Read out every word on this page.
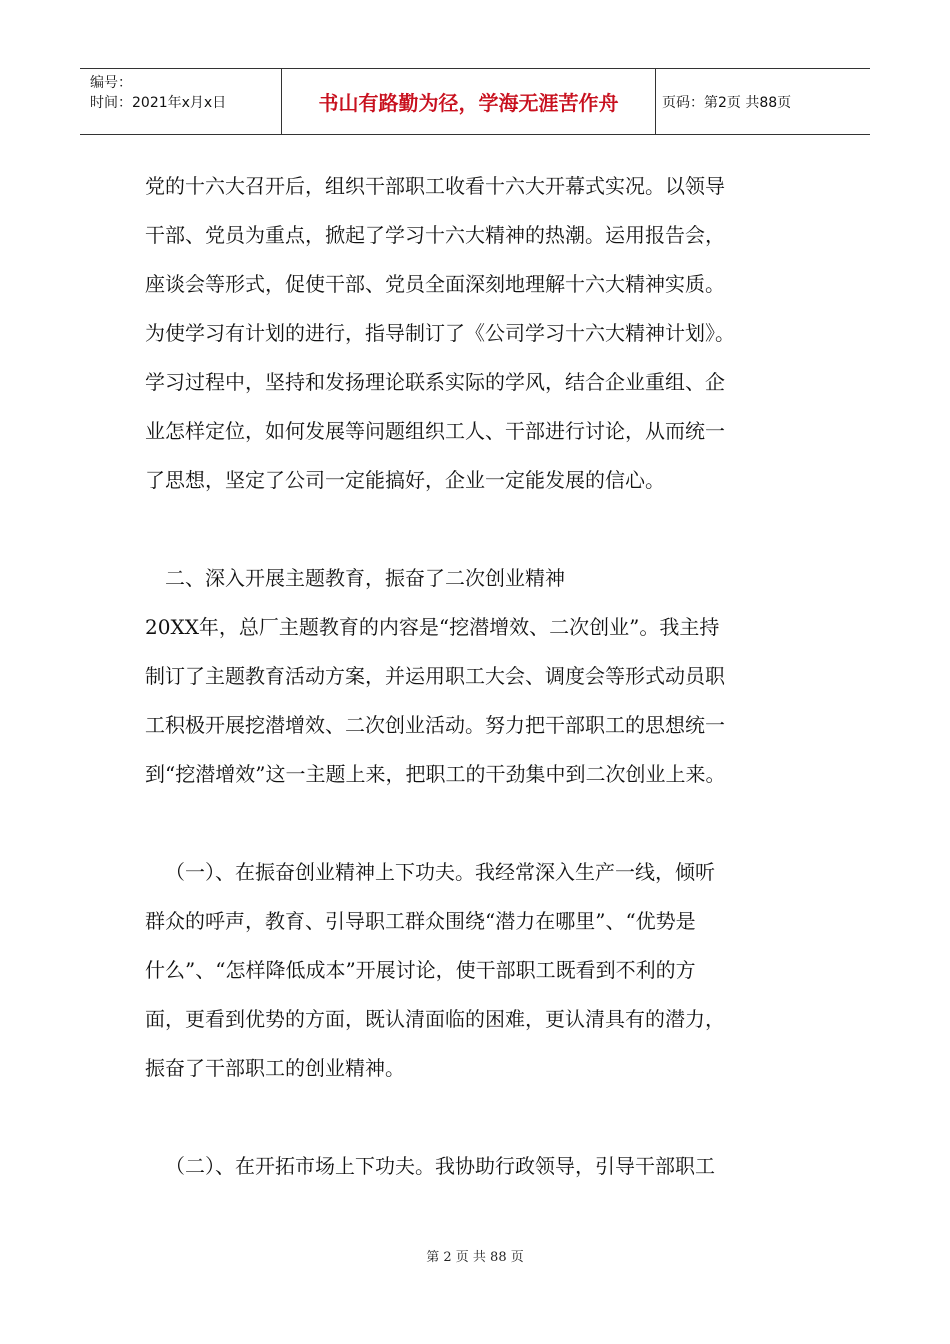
编号：
时间：2021年x月x日	书山有路勤为径，学海无涯苦作舟	页码：第2页 共88页

党的十六大召开后，组织干部职工收看十六大开幕式实况。以领导

干部、党员为重点，掀起了学习十六大精神的热潮。运用报告会，

座谈会等形式，促使干部、党员全面深刻地理解十六大精神实质。

为使学习有计划的进行，指导制订了《公司学习十六大精神计划》。

学习过程中，坚持和发扬理论联系实际的学风，结合企业重组、企

业怎样定位，如何发展等问题组织工人、干部进行讨论，从而统一

了思想，坚定了公司一定能搞好，企业一定能发展的信心。

二、深入开展主题教育，振奋了二次创业精神

20XX年，总厂主题教育的内容是“挖潜增效、二次创业”。我主持

制订了主题教育活动方案，并运用职工大会、调度会等形式动员职

工积极开展挖潜增效、二次创业活动。努力把干部职工的思想统一

到“挖潜增效”这一主题上来，把职工的干劲集中到二次创业上来。

（一）、在振奋创业精神上下功夫。我经常深入生产一线，倾听

群众的呼声，教育、引导职工群众围绕“潜力在哪里”、“优势是

什么”、“怎样降低成本”开展讨论，使干部职工既看到不利的方

面，更看到优势的方面，既认清面临的困难，更认清具有的潜力，

振奋了干部职工的创业精神。

（二）、在开拓市场上下功夫。我协助行政领导，引导干部职工

第 2 页 共 88 页
